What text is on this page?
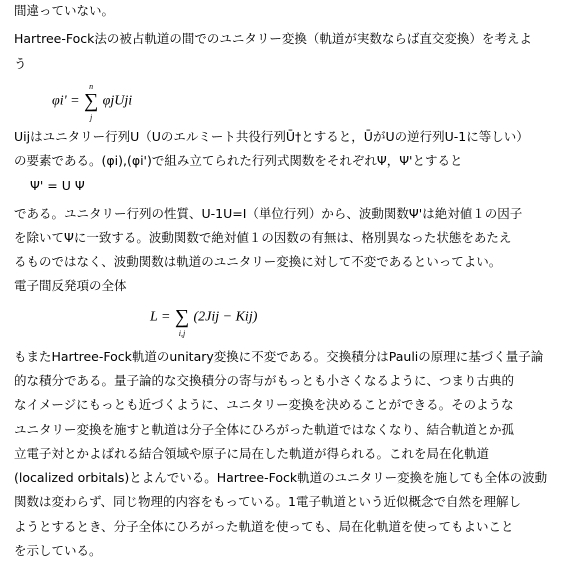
間違っていない。
Hartree-Fock法の被占軌道の間でのユニタリー変換（軌道が実数ならば直交変換）を考えよ
う
φi' =
n
∑
j
φjUji
Uijはユニタリー行列U（Uのエルミート共役行列Ū†とすると，ŪがUの逆行列U-1に等しい）
の要素である。(φi),(φi')で組み立てられた行列式関数をそれぞれΨ，Ψ'とすると
Ψ' = U Ψ
である。ユニタリー行列の性質、U-1U=I（単位行列）から、波動関数Ψ'は絶対値１の因子
を除いてΨに一致する。波動関数で絶対値１の因数の有無は、格別異なった状態をあたえ
るものではなく、波動関数は軌道のユニタリー変換に対して不変であるといってよい。
電子間反発項の全体
L = ∑
i,j
(2Jij − Kij)
もまたHartree-Fock軌道のunitary変換に不変である。交換積分はPauliの原理に基づく量子論
的な積分である。量子論的な交換積分の寄与がもっとも小さくなるように、つまり古典的
なイメージにもっとも近づくように、ユニタリー変換を決めることができる。そのような
ユニタリー変換を施すと軌道は分子全体にひろがった軌道ではなくなり、結合軌道とか孤
立電子対とかよばれる結合領域や原子に局在した軌道が得られる。これを局在化軌道
(localized orbitals)とよんでいる。Hartree-Fock軌道のユニタリー変換を施しても全体の波動
関数は変わらず、同じ物理的内容をもっている。1電子軌道という近似概念で自然を理解し
ようとするとき、分子全体にひろがった軌道を使っても、局在化軌道を使ってもよいこと
を示している。
